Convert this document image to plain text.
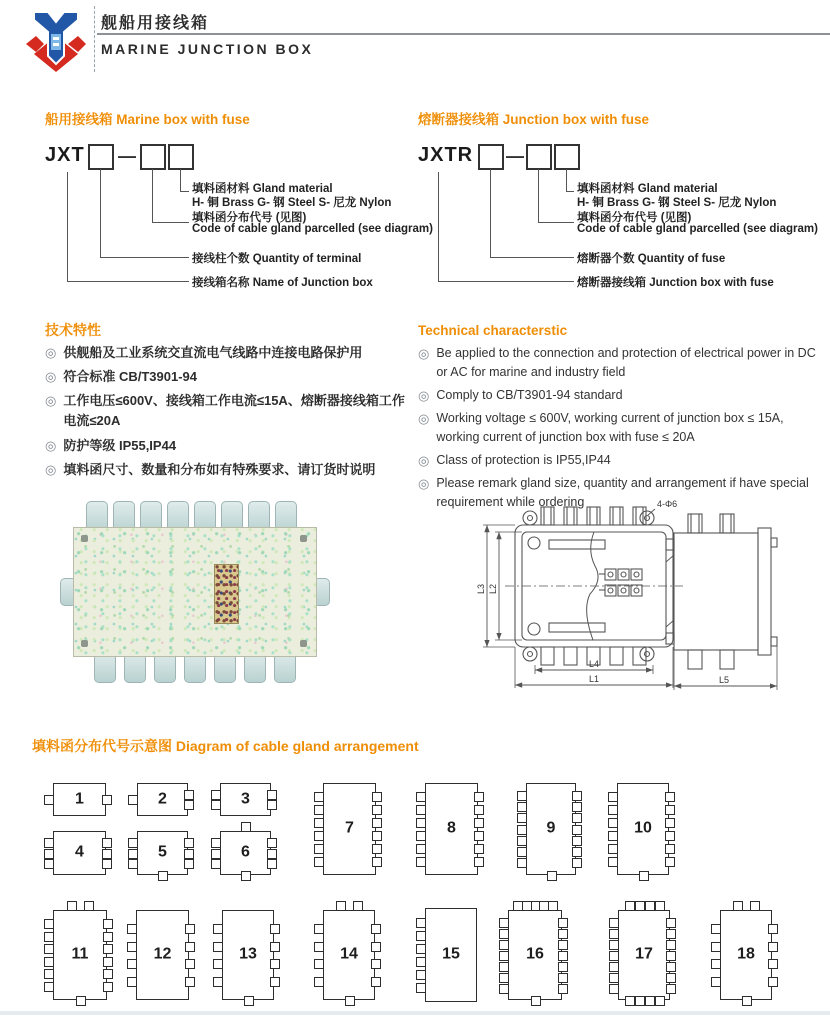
舰船用接线箱
MARINE JUNCTION BOX
船用接线箱 Marine box with fuse
JXT —
填料函材料 Gland material
H- 铜 Brass G- 钢 Steel S- 尼龙 Nylon
填料函分布代号 (见图)
Code of cable gland parcelled (see diagram)
接线柱个数 Quantity of terminal
接线箱名称 Name of Junction box
熔断器接线箱 Junction box with fuse
JXTR —
填料函材料 Gland material
H- 铜 Brass G- 钢 Steel S- 尼龙 Nylon
填料函分布代号 (见图)
Code of cable gland parcelled (see diagram)
熔断器个数 Quantity of fuse
熔断器接线箱 Junction box with fuse
技术特性
◎ 供舰船及工业系统交直流电气线路中连接电路保护用
◎ 符合标准 CB/T3901-94
◎ 工作电压≤600V、接线箱工作电流≤15A、熔断器接线箱工作电流≤20A
◎ 防护等级 IP55,IP44
◎ 填料函尺寸、数量和分布如有特殊要求、请订货时说明
Technical characterstic
◎ Be applied to the connection and protection of electrical power in DC or AC for marine and industry field
◎ Comply to CB/T3901-94 standard
◎ Working voltage ≤ 600V, working current of junction box ≤ 15A, working current of junction box with fuse ≤ 20A
◎ Class of protection is IP55,IP44
◎ Please remark gland size, quantity and arrangement if have special requirement while ordering
L3 L2
L4
L1
4-Φ6
L5
填料函分布代号示意图 Diagram of cable gland arrangement
1	2	3
4	5	6
7	8	9	10
11	12	13	14	15	16	17	18
